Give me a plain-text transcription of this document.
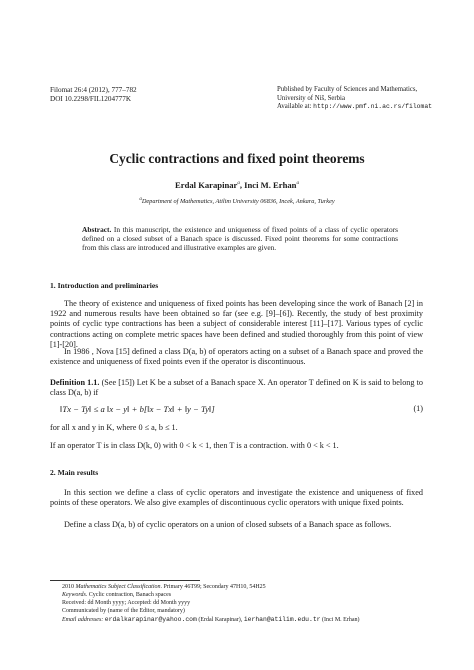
Filomat 26:4 (2012), 777–782
DOI 10.2298/FIL1204777K
Published by Faculty of Sciences and Mathematics,
University of Niš, Serbia
Available at: http://www.pmf.ni.ac.rs/filomat
Cyclic contractions and fixed point theorems
Erdal Karapinar$^a$, Inci M. Erhan$^a$
$^a$Department of Mathematics, Atilim University 06836, Incek, Ankara, Turkey
Abstract. In this manuscript, the existence and uniqueness of fixed points of a class of cyclic operators defined on a closed subset of a Banach space is discussed. Fixed point theorems for some contractions from this class are introduced and illustrative examples are given.
1. Introduction and preliminaries
The theory of existence and uniqueness of fixed points has been developing since the work of Banach [2] in 1922 and numerous results have been obtained so far (see e.g. [9]–[6]). Recently, the study of best proximity points of cyclic type contractions has been a subject of considerable interest [11]–[17]. Various types of cyclic contractions acting on complete metric spaces have been defined and studied thoroughly from this point of view [1]-[20].
In 1986 , Nova [15] defined a class D(a, b) of operators acting on a subset of a Banach space and proved the existence and uniqueness of fixed points even if the operator is discontinuous.
Definition 1.1. (See [15]) Let K be a subset of a Banach space X. An operator T defined on K is said to belong to class D(a, b) if
‖Tx − Ty‖ ≤ a ‖x − y‖ + b[‖x − Tx‖ + ‖y − Ty‖]	(1)
for all x and y in K, where 0 ≤ a, b ≤ 1.
If an operator T is in class D(k, 0) with 0 < k < 1, then T is a contraction. with 0 < k < 1.
2. Main results
In this section we define a class of cyclic operators and investigate the existence and uniqueness of fixed points of these operators. We also give examples of discontinuous cyclic operators with unique fixed points.
Define a class D(a, b) of cyclic operators on a union of closed subsets of a Banach space as follows.
2010 Mathematics Subject Classification. Primary 46T99; Secondary 47H10, 54H25
Keywords. Cyclic contraction, Banach spaces
Received: dd Month yyyy; Accepted: dd Month yyyy
Communicated by (name of the Editor, mandatory)
Email addresses: erdalkarapinar@yahoo.com (Erdal Karapinar), ierhan@atilim.edu.tr (Inci M. Erhan)
